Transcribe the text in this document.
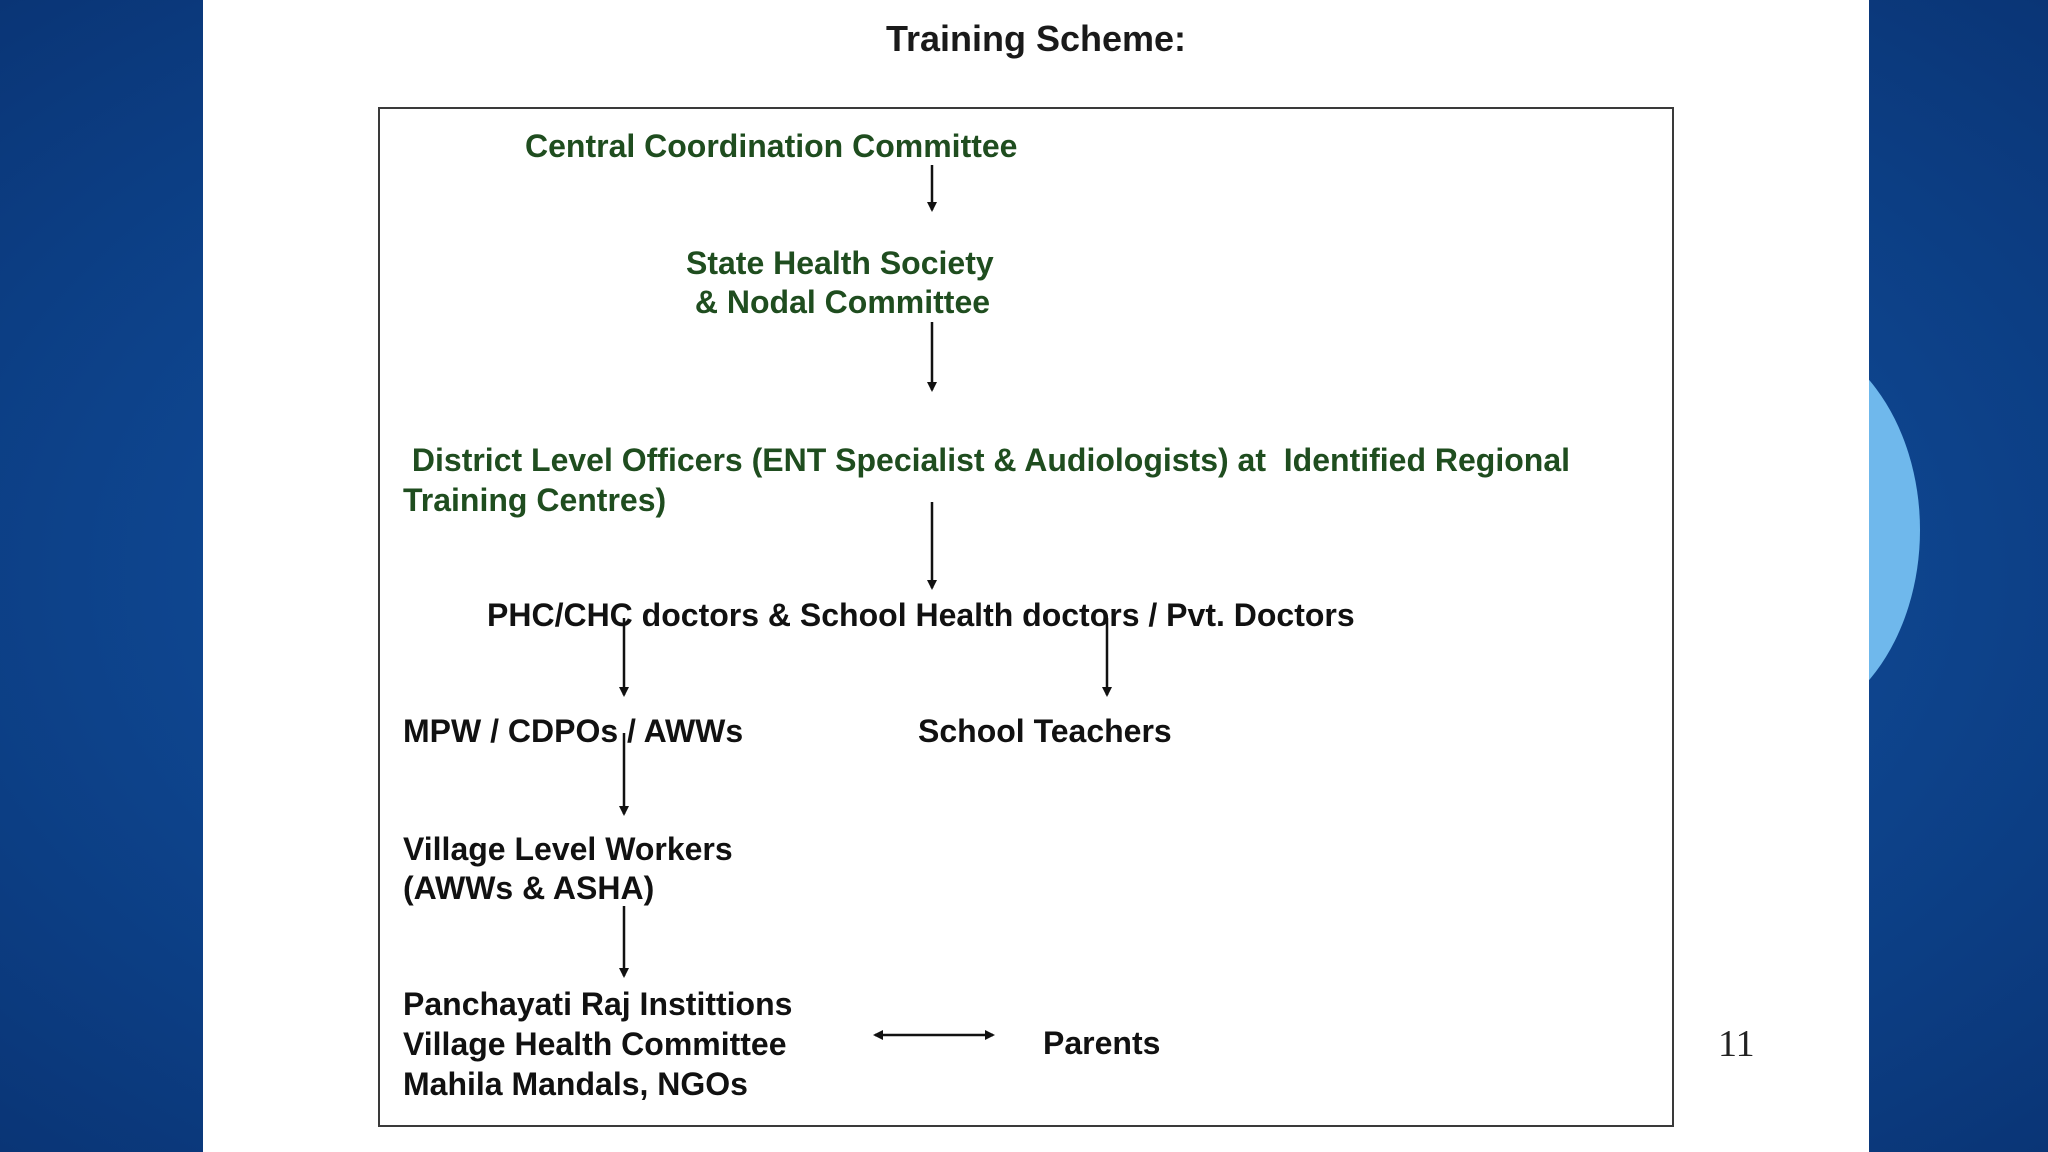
Training Scheme:
Central Coordination Committee
State Health Society
& Nodal Committee
District Level Officers (ENT Specialist & Audiologists) at  Identified Regional
Training Centres)
PHC/CHC doctors & School Health doctors / Pvt. Doctors
MPW / CDPOs / AWWs	School Teachers
Village Level Workers
(AWWs & ASHA)
Panchayati Raj Instittions
Village Health Committee
Mahila Mandals, NGOs
Parents	11
